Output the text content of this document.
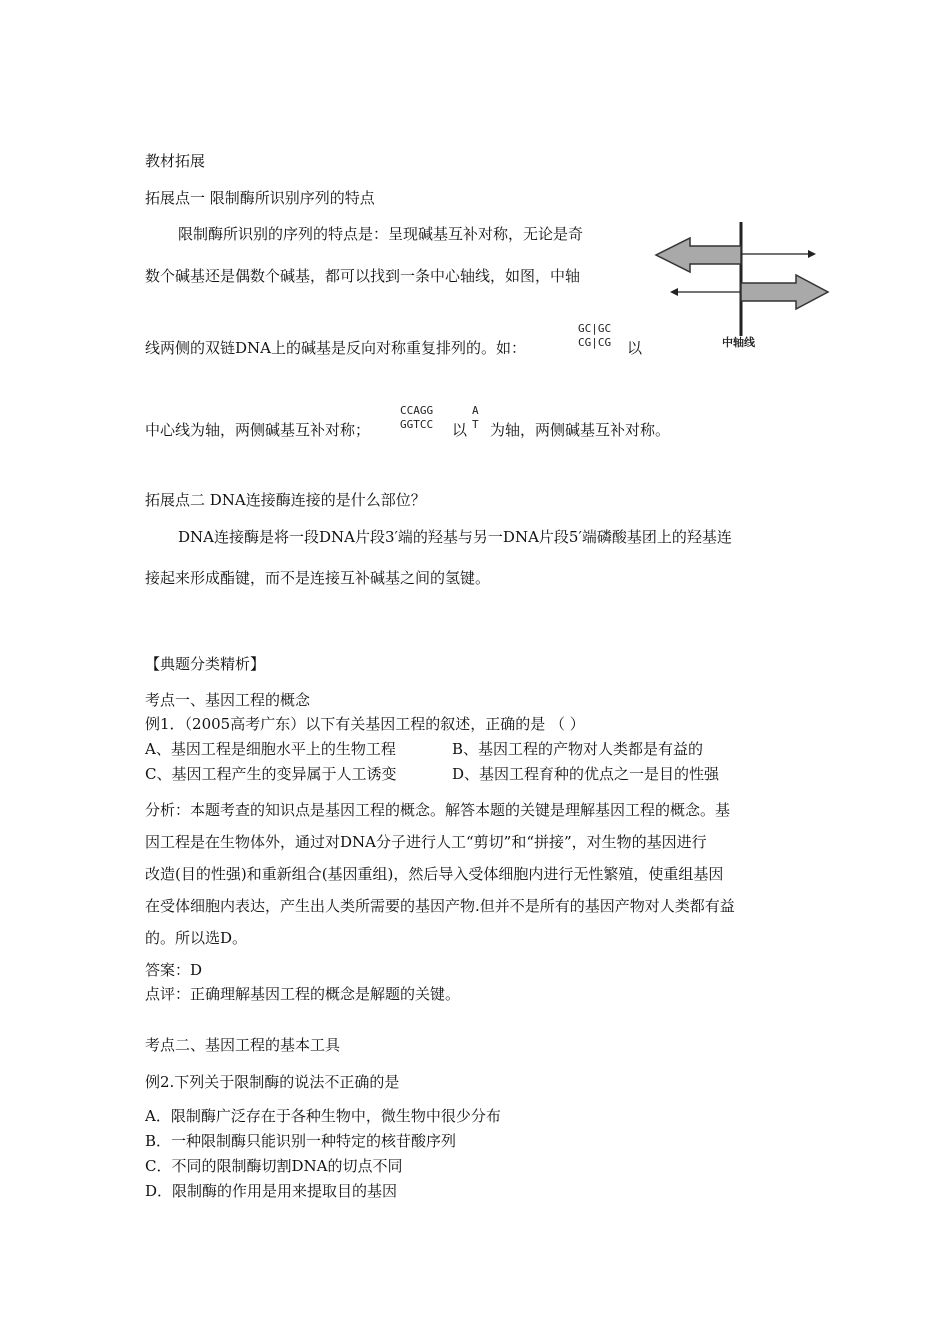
教材拓展
拓展点一 限制酶所识别序列的特点
限制酶所识别的序列的特点是：呈现碱基互补对称，无论是奇
数个碱基还是偶数个碱基，都可以找到一条中心轴线，如图，中轴
线两侧的双链DNA上的碱基是反向对称重复排列的。如：
GC|GC
CG|CG 以
中心线为轴，两侧碱基互补对称；
CCAGG
GGTCC 以
A
T 为轴，两侧碱基互补对称。
中轴线
拓展点二 DNA连接酶连接的是什么部位？
DNA连接酶是将一段DNA片段3′端的羟基与另一DNA片段5′端磷酸基团上的羟基连
接起来形成酯键，而不是连接互补碱基之间的氢键。
【典题分类精析】
考点一、基因工程的概念
例1．（2005高考广东）以下有关基因工程的叙述，正确的是 （ ）
A、基因工程是细胞水平上的生物工程	B、基因工程的产物对人类都是有益的
C、基因工程产生的变异属于人工诱变	D、基因工程育种的优点之一是目的性强
分析：本题考查的知识点是基因工程的概念。解答本题的关键是理解基因工程的概念。基
因工程是在生物体外，通过对DNA分子进行人工“剪切”和“拼接”，对生物的基因进行
改造(目的性强)和重新组合(基因重组)，然后导入受体细胞内进行无性繁殖，使重组基因
在受体细胞内表达，产生出人类所需要的基因产物.但并不是所有的基因产物对人类都有益
的。所以选D。
答案：D
点评：正确理解基因工程的概念是解题的关键。
考点二、基因工程的基本工具
例2.下列关于限制酶的说法不正确的是
A．限制酶广泛存在于各种生物中，微生物中很少分布
B．一种限制酶只能识别一种特定的核苷酸序列
C．不同的限制酶切割DNA的切点不同
D．限制酶的作用是用来提取目的基因
